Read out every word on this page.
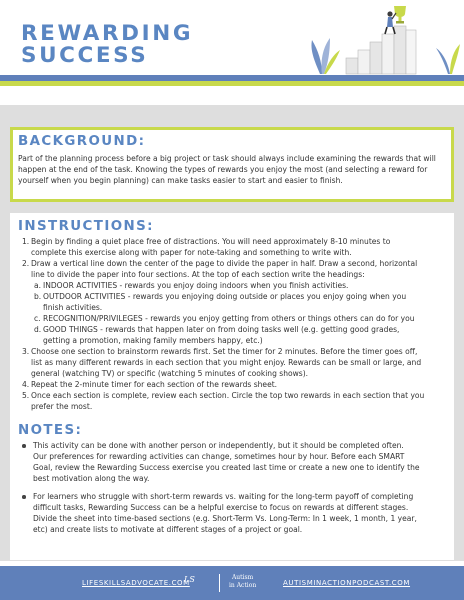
REWARDING
SUCCESS
BACKGROUND:
Part of the planning process before a big project or task should always include examining the rewards that will happen at the end of the task. Knowing the types of rewards you enjoy the most (and selecting a reward for yourself when you begin planning) can make tasks easier to start and easier to finish.
INSTRUCTIONS:
1. Begin by finding a quiet place free of distractions. You will need approximately 8-10 minutes to
complete this exercise along with paper for note-taking and something to write with.
2. Draw a vertical line down the center of the page to divide the paper in half. Draw a second, horizontal
line to divide the paper into four sections. At the top of each section write the headings:
a. INDOOR ACTIVITIES - rewards you enjoy doing indoors when you finish activities.
b. OUTDOOR ACTIVITIES - rewards you enjoying doing outside or places you enjoy going when you
finish activities.
c. RECOGNITION/PRIVILEGES - rewards you enjoy getting from others or things others can do for you
d. GOOD THINGS - rewards that happen later on from doing tasks well (e.g. getting good grades,
getting a promotion, making family members happy, etc.)
3. Choose one section to brainstorm rewards first. Set the timer for 2 minutes. Before the timer goes off,
list as many different rewards in each section that you might enjoy. Rewards can be small or large, and
general (watching TV) or specific (watching 5 minutes of cooking shows).
4. Repeat the 2-minute timer for each section of the rewards sheet.
5. Once each section is complete, review each section. Circle the top two rewards in each section that you
prefer the most.
NOTES:
This activity can be done with another person or independently, but it should be completed often.
Our preferences for rewarding activities can change, sometimes hour by hour. Before each SMART
Goal, review the Rewarding Success exercise you created last time or create a new one to identify the
best motivation along the way.
For learners who struggle with short-term rewards vs. waiting for the long-term payoff of completing
difficult tasks, Rewarding Success can be a helpful exercise to focus on rewards at different stages.
Divide the sheet into time-based sections (e.g. Short-Term Vs. Long-Term: In 1 week, 1 month, 1 year,
etc) and create lists to motivate at different stages of a project or goal.
LIFESKILLSADVOCATE.COM
LS	Autism
in Action	AUTISMINACTIONPODCAST.COM
